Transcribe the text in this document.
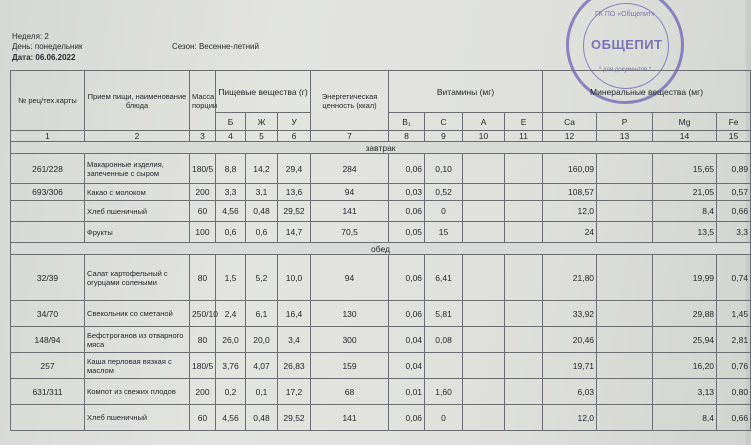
Неделя: 2
День: понедельник	Сезон: Весенне-летний
Дата: 06.06.2022
ГК ПО «Общепит»
ОБЩЕПИТ
* для документов *
№ рец/тех.карты	Прием пищи, наименование блюда	Масса порции	Пищевые вещества (г)			Энергетическая ценность (ккал)	Витамины (мг)				Минеральные вещества (мг)			
			Б	Ж	У		B₁	C	A	E	Ca	P	Mg	Fe
1	2	3	4	5	6	7	8	9	10	11	12	13	14	15
завтрак														
261/228	Макаронные изделия, запеченные с сыром	180/5	8,8	14,2	29,4	284	0,06	0,10			160,09		15,65	0,89
693/306	Какао с молоком	200	3,3	3,1	13,6	94	0,03	0,52			108,57		21,05	0,57
	Хлеб пшеничный	60	4,56	0,48	29,52	141	0,06	0			12,0		8,4	0,66
	Фрукты	100	0,6	0,6	14,7	70,5	0,05	15			24		13,5	3,3
обед														
32/39	Салат картофельный с огурцами солеными	80	1,5	5,2	10,0	94	0,06	6,41			21,80		19,99	0,74
34/70	Свекольник со сметаной	250/10	2,4	6,1	16,4	130	0,06	5,81			33,92		29,88	1,45
148/94	Бефстроганов из отварного мяса	80	26,0	20,0	3,4	300	0,04	0,08			20,46		25,94	2,81
257	Каша перловая вязкая с маслом	180/5	3,76	4,07	26,83	159	0,04				19,71		16,20	0,76
631/311	Компот из свежих плодов	200	0,2	0,1	17,2	68	0,01	1,60			6,03		3,13	0,80
	Хлеб пшеничный	60	4,56	0,48	29,52	141	0,06	0			12,0		8,4	0,66
